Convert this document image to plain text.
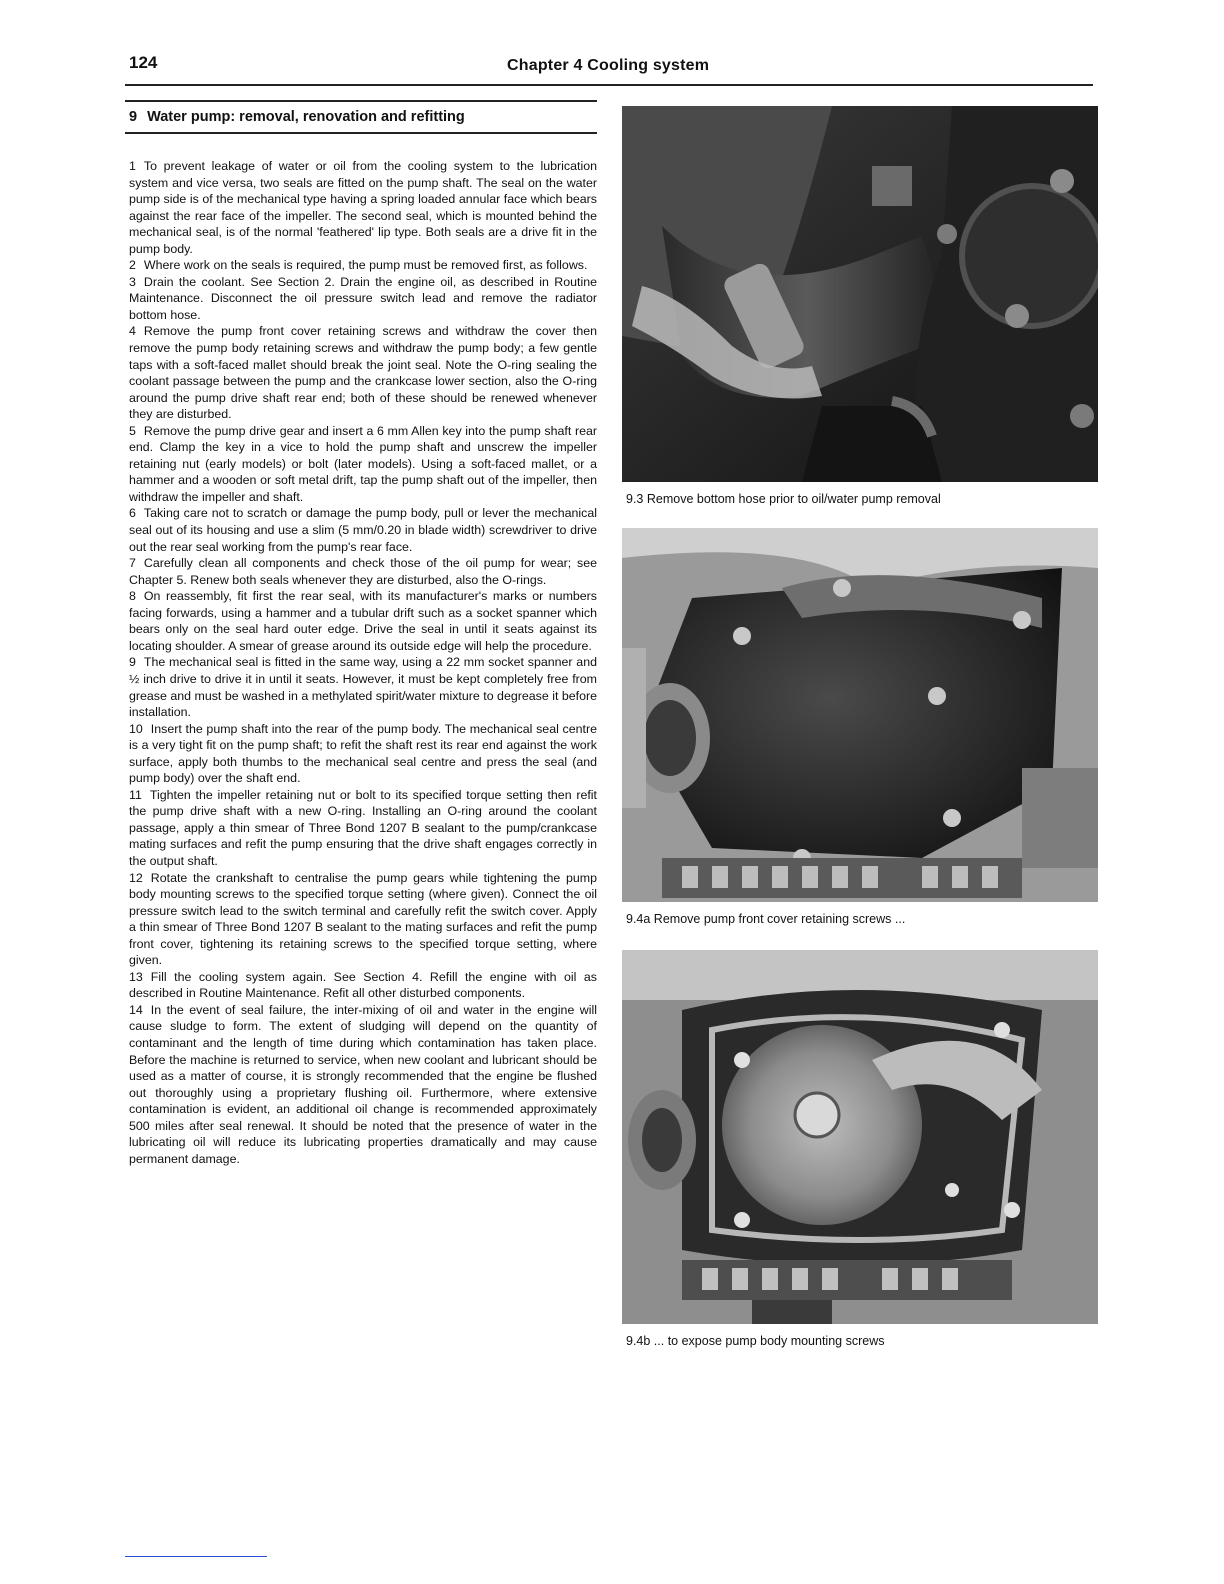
124	Chapter 4 Cooling system
9 Water pump: removal, renovation and refitting

1 To prevent leakage of water or oil from the cooling system to the lubrication system and vice versa, two seals are fitted on the pump shaft. The seal on the water pump side is of the mechanical type having a spring loaded annular face which bears against the rear face of the impeller. The second seal, which is mounted behind the mechanical seal, is of the normal 'feathered' lip type. Both seals are a drive fit in the pump body.

2 Where work on the seals is required, the pump must be removed first, as follows.

3 Drain the coolant. See Section 2. Drain the engine oil, as described in Routine Maintenance. Disconnect the oil pressure switch lead and remove the radiator bottom hose.

4 Remove the pump front cover retaining screws and withdraw the cover then remove the pump body retaining screws and withdraw the pump body; a few gentle taps with a soft-faced mallet should break the joint seal. Note the O-ring sealing the coolant passage between the pump and the crankcase lower section, also the O-ring around the pump drive shaft rear end; both of these should be renewed whenever they are disturbed.

5 Remove the pump drive gear and insert a 6 mm Allen key into the pump shaft rear end. Clamp the key in a vice to hold the pump shaft and unscrew the impeller retaining nut (early models) or bolt (later models). Using a soft-faced mallet, or a hammer and a wooden or soft metal drift, tap the pump shaft out of the impeller, then withdraw the impeller and shaft.

6 Taking care not to scratch or damage the pump body, pull or lever the mechanical seal out of its housing and use a slim (5 mm/0.20 in blade width) screwdriver to drive out the rear seal working from the pump's rear face.

7 Carefully clean all components and check those of the oil pump for wear; see Chapter 5. Renew both seals whenever they are disturbed, also the O-rings.

8 On reassembly, fit first the rear seal, with its manufacturer's marks or numbers facing forwards, using a hammer and a tubular drift such as a socket spanner which bears only on the seal hard outer edge. Drive the seal in until it seats against its locating shoulder. A smear of grease around its outside edge will help the procedure.

9 The mechanical seal is fitted in the same way, using a 22 mm socket spanner and ½ inch drive to drive it in until it seats. However, it must be kept completely free from grease and must be washed in a methylated spirit/water mixture to degrease it before installation.

10 Insert the pump shaft into the rear of the pump body. The mechanical seal centre is a very tight fit on the pump shaft; to refit the shaft rest its rear end against the work surface, apply both thumbs to the mechanical seal centre and press the seal (and pump body) over the shaft end.

11 Tighten the impeller retaining nut or bolt to its specified torque setting then refit the pump drive shaft with a new O-ring. Installing an O-ring around the coolant passage, apply a thin smear of Three Bond 1207 B sealant to the pump/crankcase mating surfaces and refit the pump ensuring that the drive shaft engages correctly in the output shaft.

12 Rotate the crankshaft to centralise the pump gears while tightening the pump body mounting screws to the specified torque setting (where given). Connect the oil pressure switch lead to the switch terminal and carefully refit the switch cover. Apply a thin smear of Three Bond 1207 B sealant to the mating surfaces and refit the pump front cover, tightening its retaining screws to the specified torque setting, where given.

13 Fill the cooling system again. See Section 4. Refill the engine with oil as described in Routine Maintenance. Refit all other disturbed components.

14 In the event of seal failure, the inter-mixing of oil and water in the engine will cause sludge to form. The extent of sludging will depend on the quantity of contaminant and the length of time during which contamination has taken place. Before the machine is returned to service, when new coolant and lubricant should be used as a matter of course, it is strongly recommended that the engine be flushed out thoroughly using a proprietary flushing oil. Furthermore, where extensive contamination is evident, an additional oil change is recommended approximately 500 miles after seal renewal. It should be noted that the presence of water in the lubricating oil will reduce its lubricating properties dramatically and may cause permanent damage.

9.3 Remove bottom hose prior to oil/water pump removal
9.4a Remove pump front cover retaining screws ...
9.4b ... to expose pump body mounting screws
